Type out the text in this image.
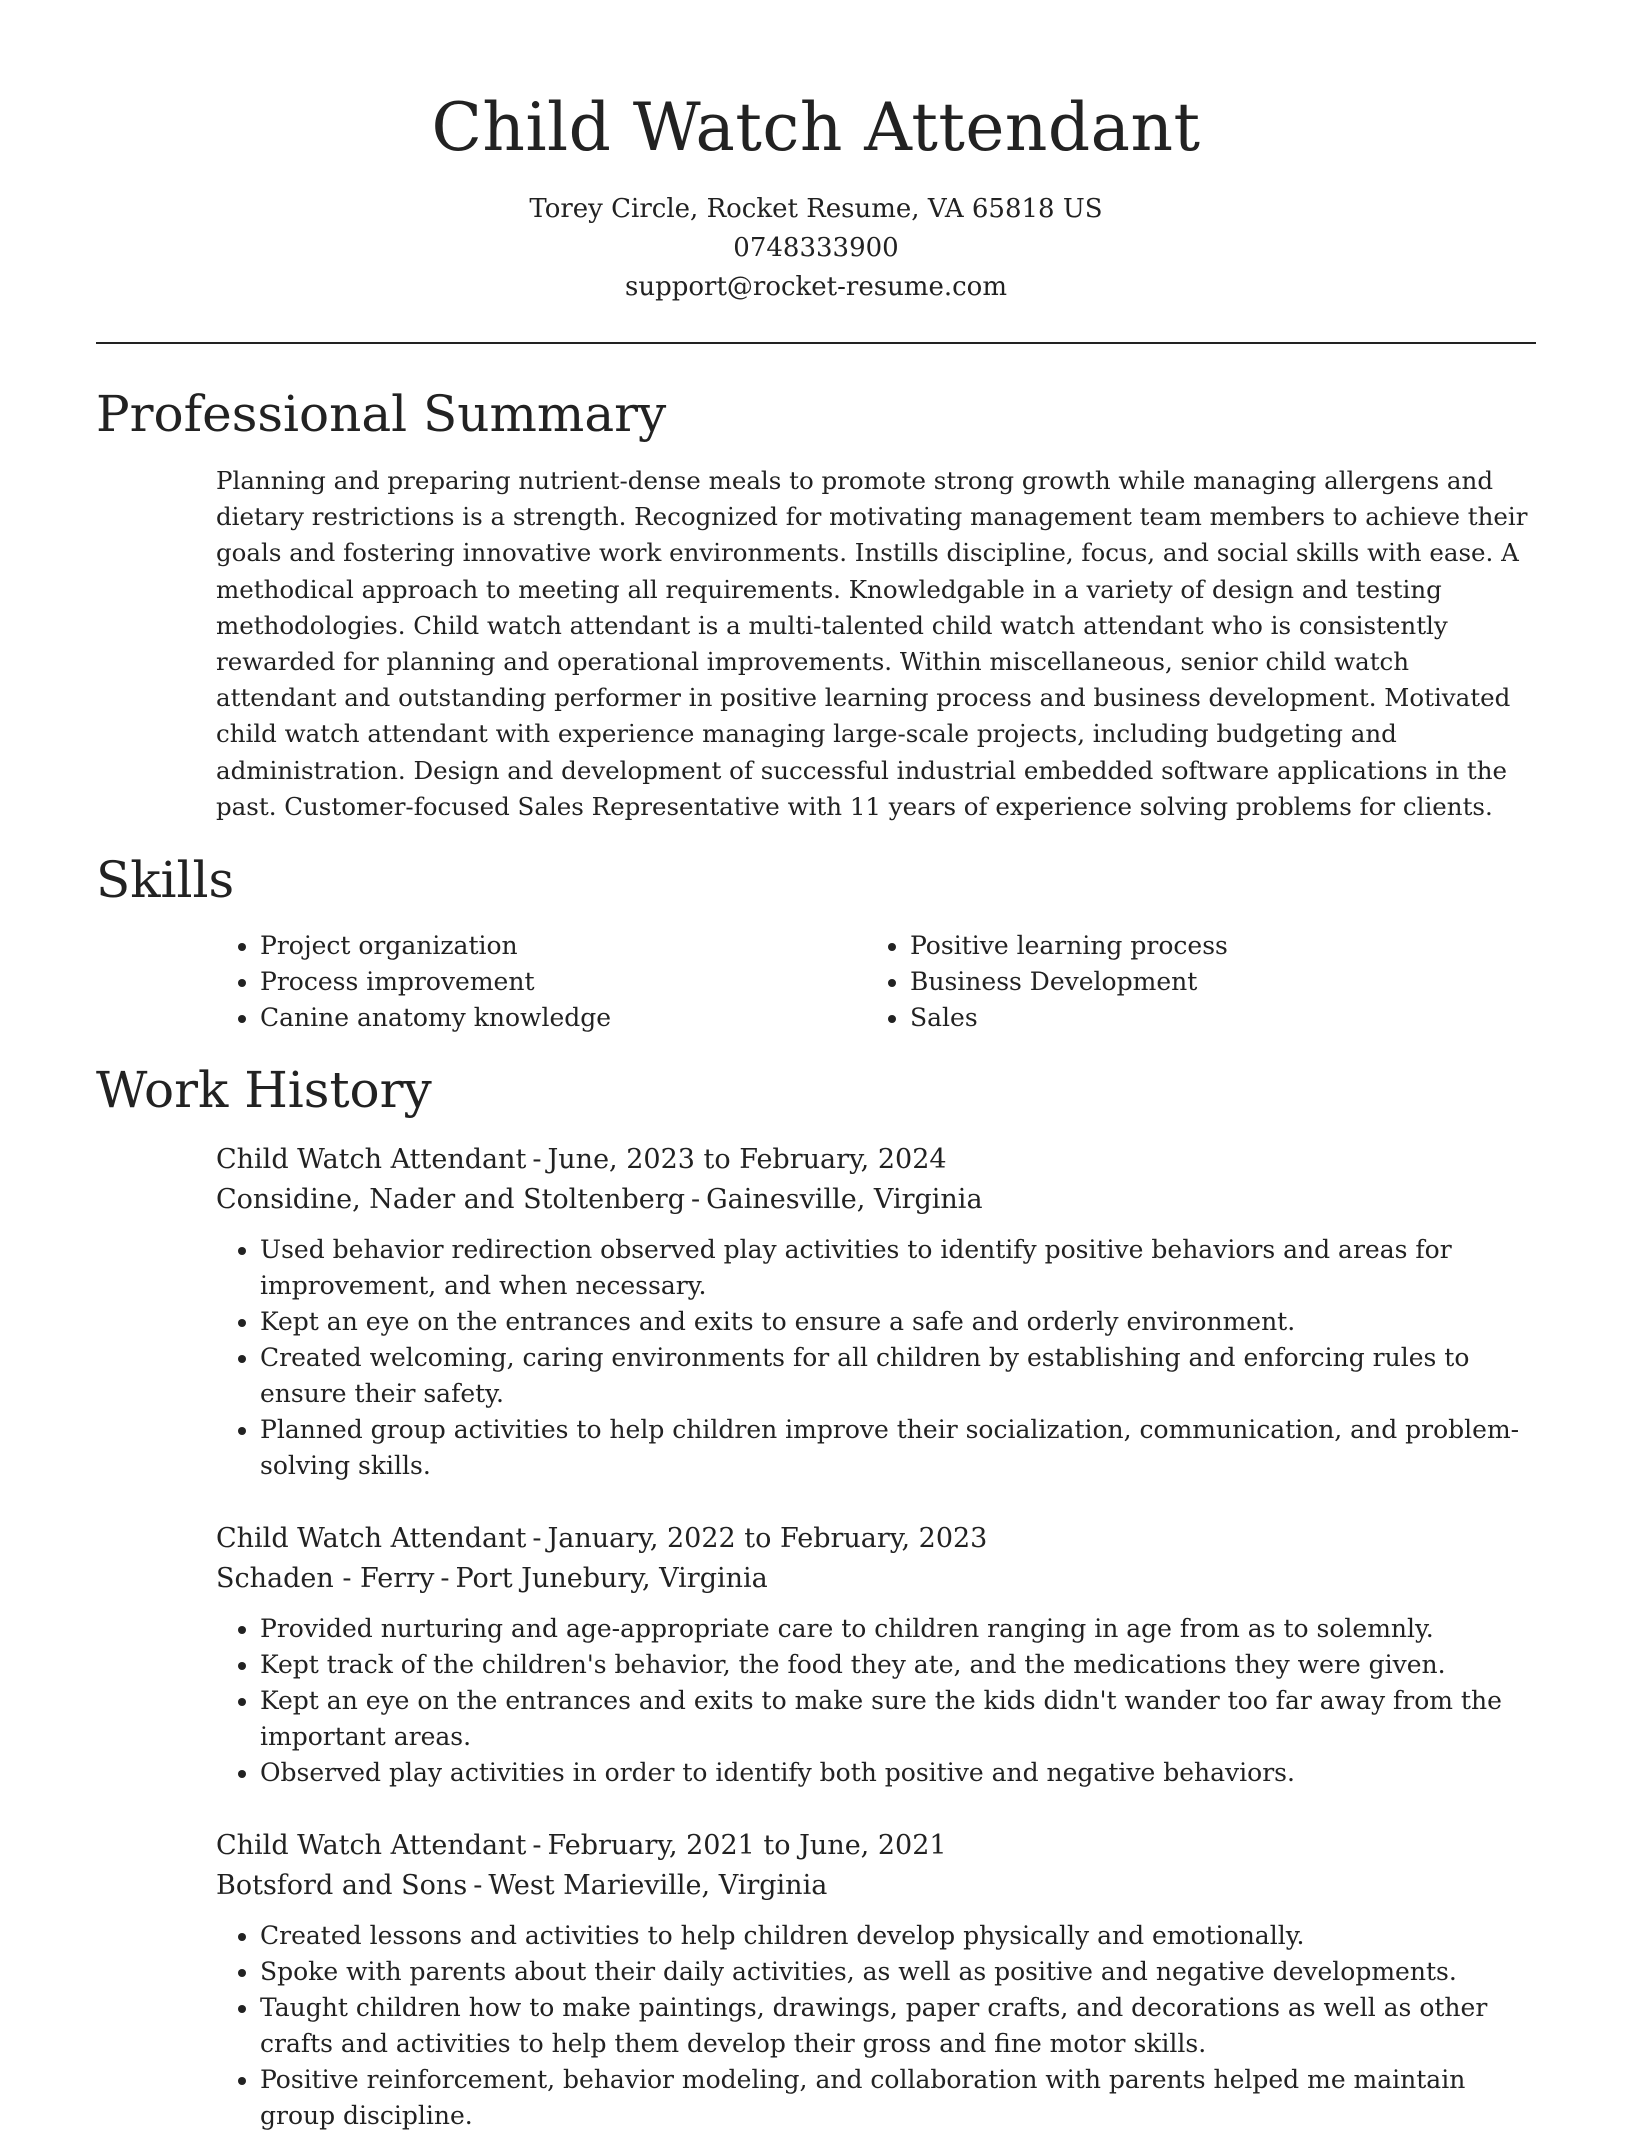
Child Watch Attendant
Torey Circle, Rocket Resume, VA 65818 US
0748333900
support@rocket-resume.com
Professional Summary

Planning and preparing nutrient-dense meals to promote strong growth while managing allergens and dietary restrictions is a strength. Recognized for motivating management team members to achieve their goals and fostering innovative work environments. Instills discipline, focus, and social skills with ease. A methodical approach to meeting all requirements. Knowledgable in a variety of design and testing methodologies. Child watch attendant is a multi-talented child watch attendant who is consistently rewarded for planning and operational improvements. Within miscellaneous, senior child watch attendant and outstanding performer in positive learning process and business development. Motivated child watch attendant with experience managing large-scale projects, including budgeting and administration. Design and development of successful industrial embedded software applications in the past. Customer-focused Sales Representative with 11 years of experience solving problems for clients.

Skills
• Project organization
• Process improvement
• Canine anatomy knowledge
• Positive learning process
• Business Development
• Sales
Work History
Child Watch Attendant - June, 2023 to February, 2024
Considine, Nader and Stoltenberg - Gainesville, Virginia
• Used behavior redirection observed play activities to identify positive behaviors and areas for improvement, and when necessary.
• Kept an eye on the entrances and exits to ensure a safe and orderly environment.
• Created welcoming, caring environments for all children by establishing and enforcing rules to ensure their safety.
• Planned group activities to help children improve their socialization, communication, and problem-solving skills.
Child Watch Attendant - January, 2022 to February, 2023
Schaden - Ferry - Port Junebury, Virginia
• Provided nurturing and age-appropriate care to children ranging in age from as to solemnly.
• Kept track of the children's behavior, the food they ate, and the medications they were given.
• Kept an eye on the entrances and exits to make sure the kids didn't wander too far away from the important areas.
• Observed play activities in order to identify both positive and negative behaviors.
Child Watch Attendant - February, 2021 to June, 2021
Botsford and Sons - West Marieville, Virginia
• Created lessons and activities to help children develop physically and emotionally.
• Spoke with parents about their daily activities, as well as positive and negative developments.
• Taught children how to make paintings, drawings, paper crafts, and decorations as well as other crafts and activities to help them develop their gross and fine motor skills.
• Positive reinforcement, behavior modeling, and collaboration with parents helped me maintain group discipline.
